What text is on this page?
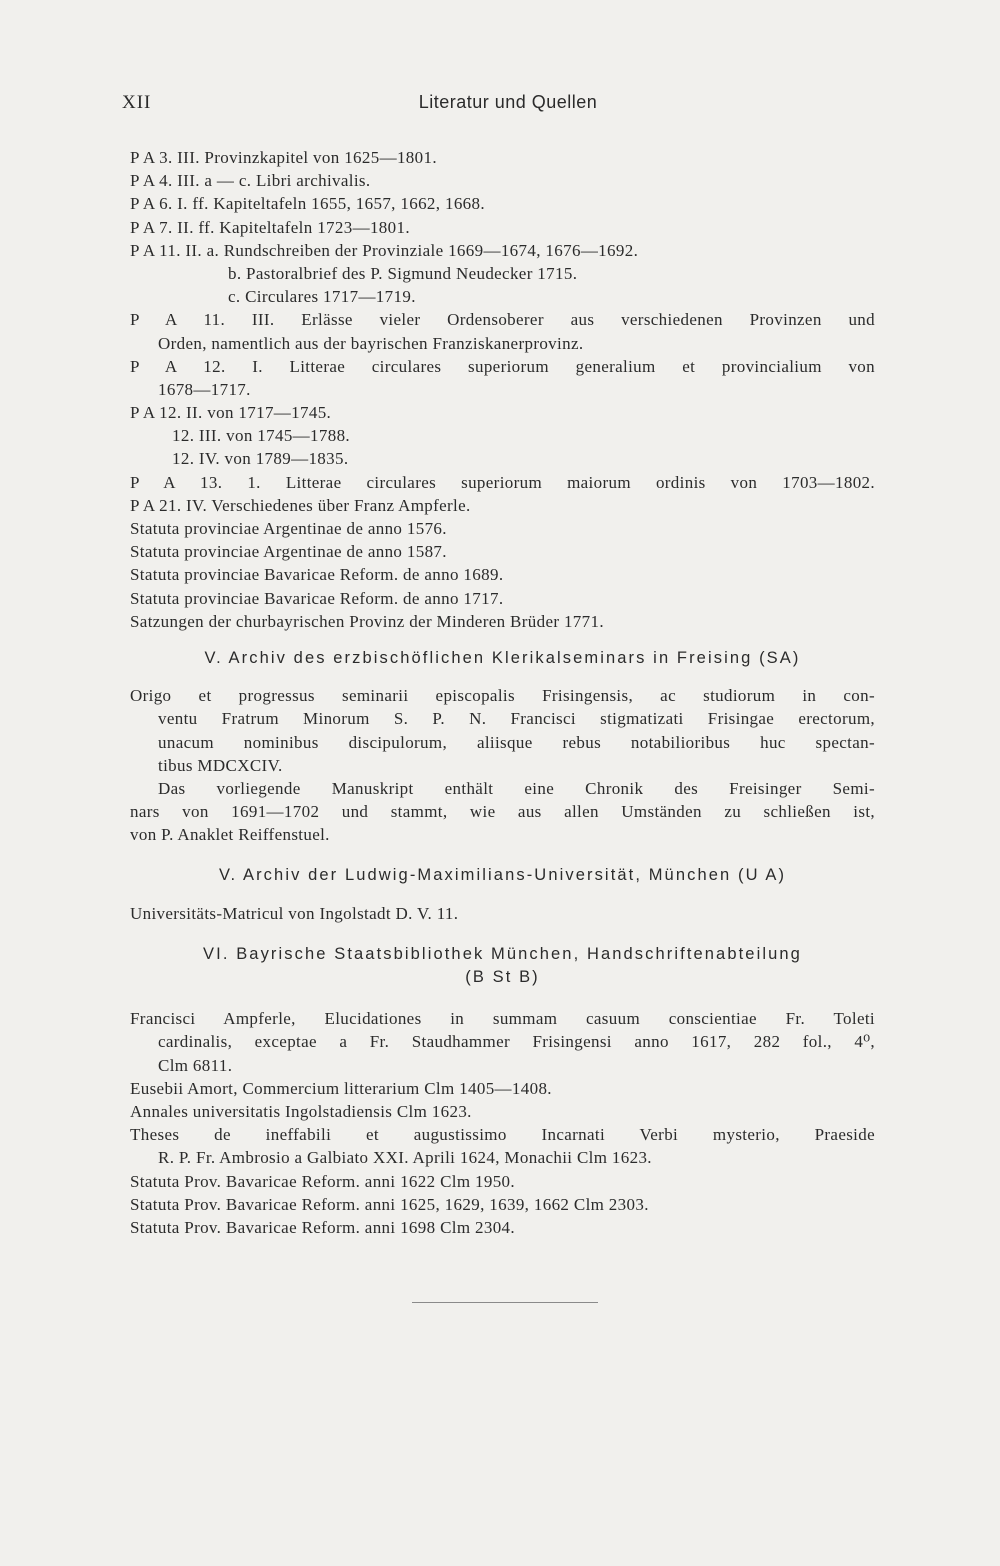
XII	Literatur und Quellen
P A 3. III. Provinzkapitel von 1625—1801.
P A 4. III. a — c. Libri archivalis.
P A 6. I. ff. Kapiteltafeln 1655, 1657, 1662, 1668.
P A 7. II. ff. Kapiteltafeln 1723—1801.
P A 11. II. a. Rundschreiben der Provinziale 1669—1674, 1676—1692.
b. Pastoralbrief des P. Sigmund Neudecker 1715.
c. Circulares 1717—1719.
P A 11. III. Erlässe vieler Ordensoberer aus verschiedenen Provinzen und
Orden, namentlich aus der bayrischen Franziskanerprovinz.
P A 12. I. Litterae circulares superiorum generalium et provincialium von
1678—1717.
P A 12. II. von 1717—1745.
12. III. von 1745—1788.
12. IV. von 1789—1835.
P A 13. 1. Litterae circulares superiorum maiorum ordinis von 1703—1802.
P A 21. IV. Verschiedenes über Franz Ampferle.
Statuta provinciae Argentinae de anno 1576.
Statuta provinciae Argentinae de anno 1587.
Statuta provinciae Bavaricae Reform. de anno 1689.
Statuta provinciae Bavaricae Reform. de anno 1717.
Satzungen der churbayrischen Provinz der Minderen Brüder 1771.
V. Archiv des erzbischöflichen Klerikalseminars in Freising (SA)
Origo et progressus seminarii episcopalis Frisingensis, ac studiorum in con-
ventu Fratrum Minorum S. P. N. Francisci stigmatizati Frisingae erectorum,
unacum nominibus discipulorum, aliisque rebus notabilioribus huc spectan-
tibus MDCXCIV.
Das vorliegende Manuskript enthält eine Chronik des Freisinger Semi-
nars von 1691—1702 und stammt, wie aus allen Umständen zu schließen ist,
von P. Anaklet Reiffenstuel.
V. Archiv der Ludwig-Maximilians-Universität, München (U A)
Universitäts-Matricul von Ingolstadt D. V. 11.
VI. Bayrische Staatsbibliothek München, Handschriftenabteilung
(B St B)
Francisci Ampferle, Elucidationes in summam casuum conscientiae Fr. Toleti
cardinalis, exceptae a Fr. Staudhammer Frisingensi anno 1617, 282 fol., 4⁰,
Clm 6811.
Eusebii Amort, Commercium litterarium Clm 1405—1408.
Annales universitatis Ingolstadiensis Clm 1623.
Theses de ineffabili et augustissimo Incarnati Verbi mysterio, Praeside
R. P. Fr. Ambrosio a Galbiato XXI. Aprili 1624, Monachii Clm 1623.
Statuta Prov. Bavaricae Reform. anni 1622 Clm 1950.
Statuta Prov. Bavaricae Reform. anni 1625, 1629, 1639, 1662 Clm 2303.
Statuta Prov. Bavaricae Reform. anni 1698 Clm 2304.
